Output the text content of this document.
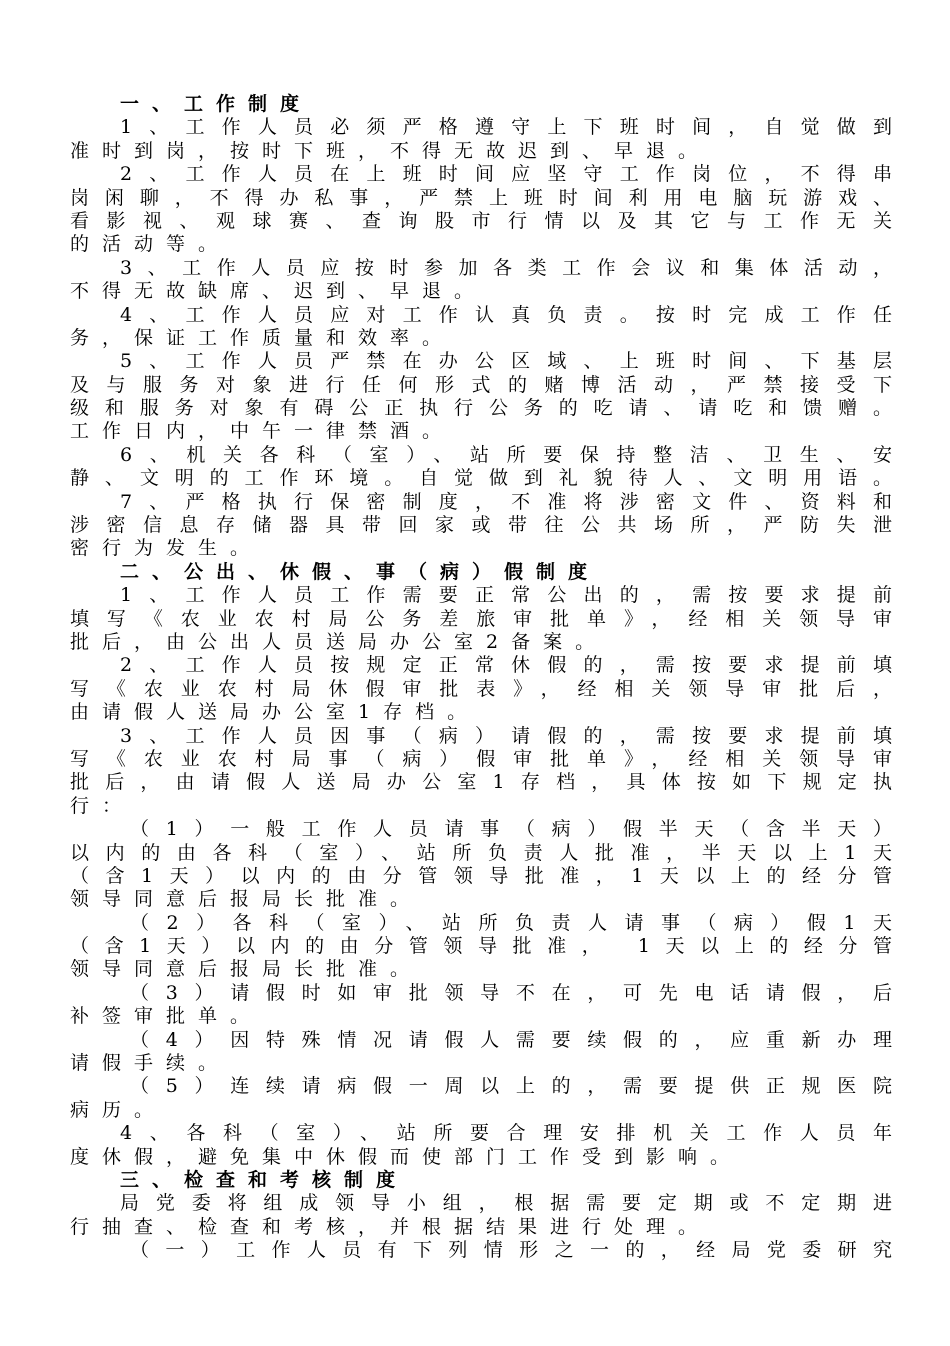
一、工作制度
1、工作人员必须严格遵守上下班时间，自觉做到
准时到岗，按时下班，不得无故迟到、早退。
2、工作人员在上班时间应坚守工作岗位，不得串
岗闲聊，不得办私事，严禁上班时间利用电脑玩游戏、
看影视、观球赛、查询股市行情以及其它与工作无关
的活动等。
3、工作人员应按时参加各类工作会议和集体活动，
不得无故缺席、迟到、早退。
4、工作人员应对工作认真负责。按时完成工作任
务，保证工作质量和效率。
5、工作人员严禁在办公区域、上班时间、下基层
及与服务对象进行任何形式的赌博活动，严禁接受下
级和服务对象有碍公正执行公务的吃请、请吃和馈赠。
工作日内，中午一律禁酒。
6、机关各科（室）、站所要保持整洁、卫生、安
静、文明的工作环境。自觉做到礼貌待人、文明用语。
7、严格执行保密制度，不准将涉密文件、资料和
涉密信息存储器具带回家或带往公共场所，严防失泄
密行为发生。
二、公出、休假、事（病）假制度
1、工作人员工作需要正常公出的，需按要求提前
填写《农业农村局公务差旅审批单》，经相关领导审
批后，由公出人员送局办公室2备案。
2、工作人员按规定正常休假的，需按要求提前填
写《农业农村局休假审批表》，经相关领导审批后，
由请假人送局办公室1存档。
3、工作人员因事（病）请假的，需按要求提前填
写《农业农村局事（病）假审批单》，经相关领导审
批后，由请假人送局办公室1存档，具体按如下规定执
行：
（1）一般工作人员请事（病）假半天（含半天）
以内的由各科（室）、站所负责人批准，半天以上1天
（含1天）以内的由分管领导批准，1天以上的经分管
领导同意后报局长批准。
（2）各科（室）、站所负责人请事（病）假1天
（含1天）以内的由分管领导批准， 1天以上的经分管
领导同意后报局长批准。
（3）请假时如审批领导不在，可先电话请假，后
补签审批单。
（4）因特殊情况请假人需要续假的，应重新办理
请假手续。
（5）连续请病假一周以上的，需要提供正规医院
病历。
4、各科（室）、站所要合理安排机关工作人员年
度休假，避免集中休假而使部门工作受到影响。
三、检查和考核制度
局党委将组成领导小组，根据需要定期或不定期进
行抽查、检查和考核，并根据结果进行处理。
（一）工作人员有下列情形之一的，经局党委研究
